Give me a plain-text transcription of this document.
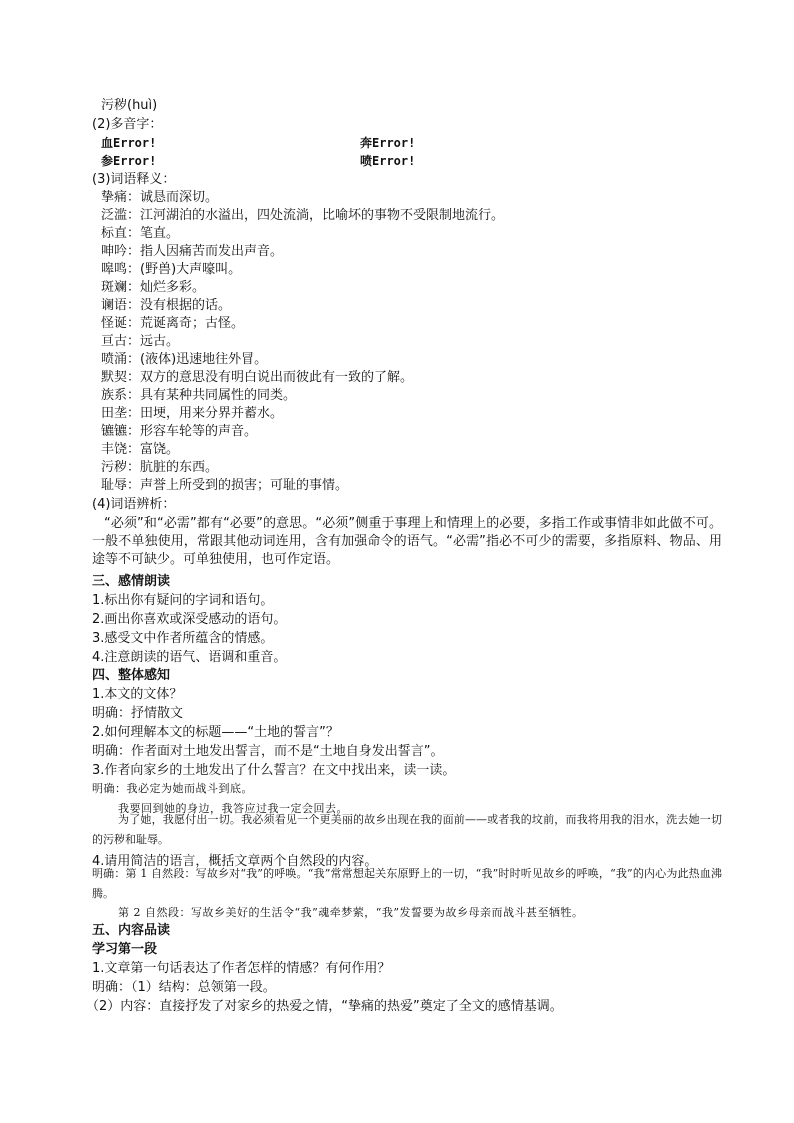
污秽(huì)
(2)多音字：
血Error!	奔Error!
参Error!	喷Error!
(3)词语释义：
挚痛：诚恳而深切。
泛滥：江河湖泊的水溢出，四处流淌，比喻坏的事物不受限制地流行。
标直：笔直。
呻吟：指人因痛苦而发出声音。
嗥鸣：(野兽)大声嚎叫。
斑斓：灿烂多彩。
谰语：没有根据的话。
怪诞：荒诞离奇；古怪。
亘古：远古。
喷涌：(液体)迅速地往外冒。
默契：双方的意思没有明白说出而彼此有一致的了解。
族系：具有某种共同属性的同类。
田垄：田埂，用来分界并蓄水。
镳镳：形容车轮等的声音。
丰饶：富饶。
污秽：肮脏的东西。
耻辱：声誉上所受到的损害；可耻的事情。
(4)词语辨析：
“必须”和“必需”都有“必要”的意思。“必须”侧重于事理上和情理上的必要，多指工作或事情非如此做不可。一般不单独使用，常跟其他动词连用，含有加强命令的语气。“必需”指必不可少的需要，多指原料、物品、用途等不可缺少。可单独使用，也可作定语。
三、感情朗读
1.标出你有疑问的字词和语句。
2.画出你喜欢或深受感动的语句。
3.感受文中作者所蕴含的情感。
4.注意朗读的语气、语调和重音。
四、整体感知
1.本文的文体？
明确：抒情散文
2.如何理解本文的标题——“土地的誓言”？
明确：作者面对土地发出誓言，而不是“土地自身发出誓言”。
3.作者向家乡的土地发出了什么誓言？在文中找出来，读一读。
明确：我必定为她而战斗到底。
我要回到她的身边，我答应过我一定会回去。
为了她，我愿付出一切。我必须看见一个更美丽的故乡出现在我的面前——或者我的坟前，而我将用我的泪水，洗去她一切的污秽和耻辱。
4.请用简洁的语言，概括文章两个自然段的内容。
明确：第 1 自然段：写故乡对“我”的呼唤。“我”常常想起关东原野上的一切，“我”时时听见故乡的呼唤，“我”的内心为此热血沸腾。
第 2 自然段：写故乡美好的生活令“我”魂牵梦萦，“我”发誓要为故乡母亲而战斗甚至牺牲。
五、内容品读
学习第一段
1.文章第一句话表达了作者怎样的情感？有何作用？
明确：（1）结构：总领第一段。
（2）内容：直接抒发了对家乡的热爱之情，“挚痛的热爱”奠定了全文的感情基调。
